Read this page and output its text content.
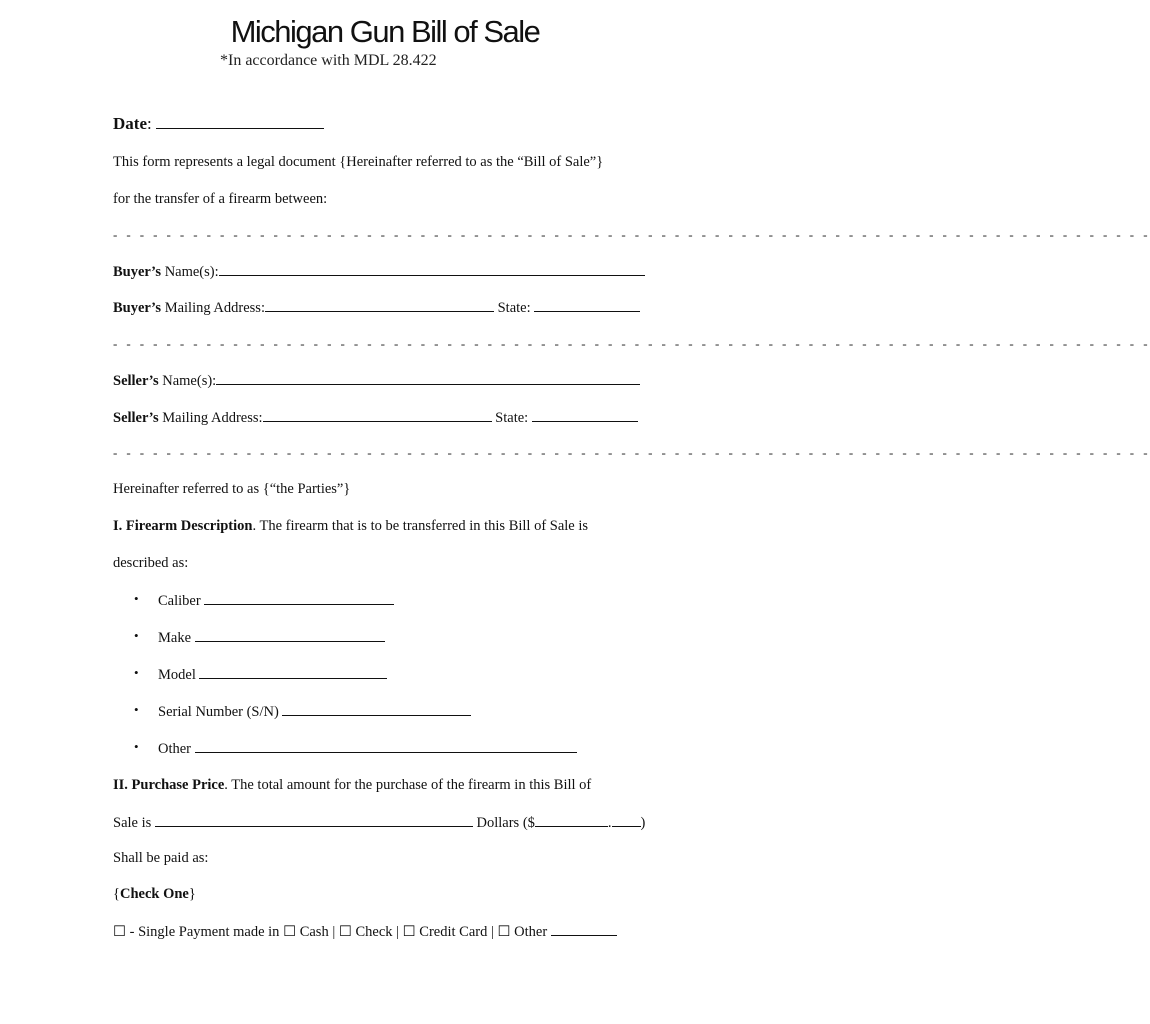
Michigan Gun Bill of Sale
*In accordance with MDL 28.422
Date:
This form represents a legal document {Hereinafter referred to as the “Bill of Sale”}
for the transfer of a firearm between:
- - - - - - - - - - - - - - - - - - - - - - - - - - - - - - - - - - - - - - - - - - - - - - - - - - - - - - - - - - - - - - - - - - - - - - - - - - - - - -
Buyer’s Name(s):
Buyer’s Mailing Address:	State:
- - - - - - - - - - - - - - - - - - - - - - - - - - - - - - - - - - - - - - - - - - - - - - - - - - - - - - - - - - - - - - - - - - - - - - - - - - - - - -
Seller’s Name(s):
Seller’s Mailing Address:	State:
- - - - - - - - - - - - - - - - - - - - - - - - - - - - - - - - - - - - - - - - - - - - - - - - - - - - - - - - - - - - - - - - - - - - - - - - - - - - - -
Hereinafter referred to as {“the Parties”}
I. Firearm Description. The firearm that is to be transferred in this Bill of Sale is
described as:
• Caliber
• Make
• Model
• Serial Number (S/N)
• Other
II. Purchase Price. The total amount for the purchase of the firearm in this Bill of
Sale is	Dollars ($	. )
Shall be paid as:
{Check One}
☐ - Single Payment made in ☐ Cash | ☐ Check | ☐ Credit Card | ☐ Other
